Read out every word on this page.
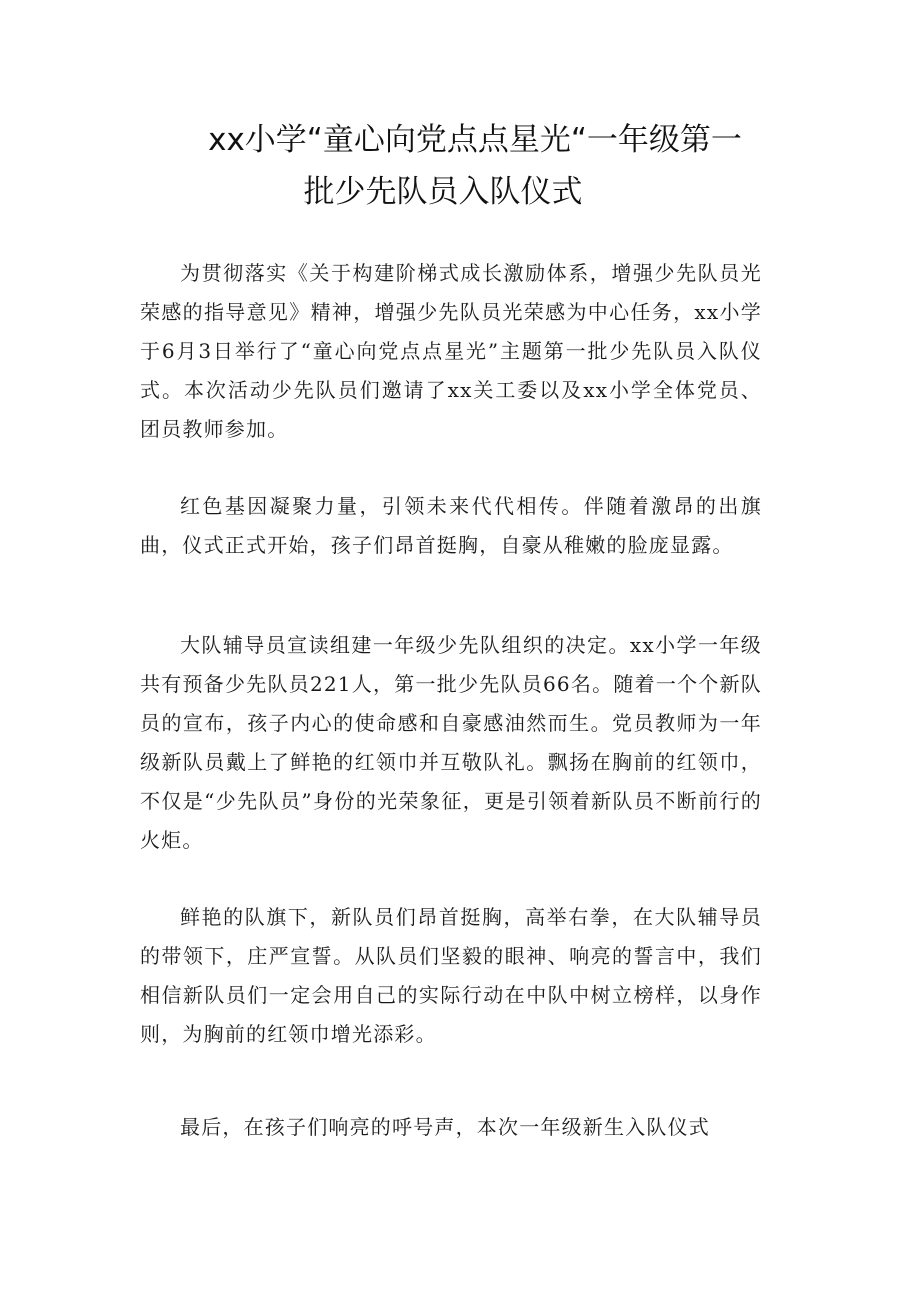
xx小学“童心向党点点星光“一年级第一
批少先队员入队仪式

为贯彻落实《关于构建阶梯式成长激励体系，增强少先队员光荣感的指导意见》精神，增强少先队员光荣感为中心任务，xx小学于6月3日举行了“童心向党点点星光”主题第一批少先队员入队仪式。本次活动少先队员们邀请了xx关工委以及xx小学全体党员、团员教师参加。

红色基因凝聚力量，引领未来代代相传。伴随着激昂的出旗曲，仪式正式开始，孩子们昂首挺胸，自豪从稚嫩的脸庞显露。

大队辅导员宣读组建一年级少先队组织的决定。xx小学一年级共有预备少先队员221人，第一批少先队员66名。随着一个个新队员的宣布，孩子内心的使命感和自豪感油然而生。党员教师为一年级新队员戴上了鲜艳的红领巾并互敬队礼。飘扬在胸前的红领巾，不仅是“少先队员”身份的光荣象征，更是引领着新队员不断前行的火炬。

鲜艳的队旗下，新队员们昂首挺胸，高举右拳，在大队辅导员的带领下，庄严宣誓。从队员们坚毅的眼神、响亮的誓言中，我们相信新队员们一定会用自己的实际行动在中队中树立榜样，以身作则，为胸前的红领巾增光添彩。

最后，在孩子们响亮的呼号声，本次一年级新生入队仪式
